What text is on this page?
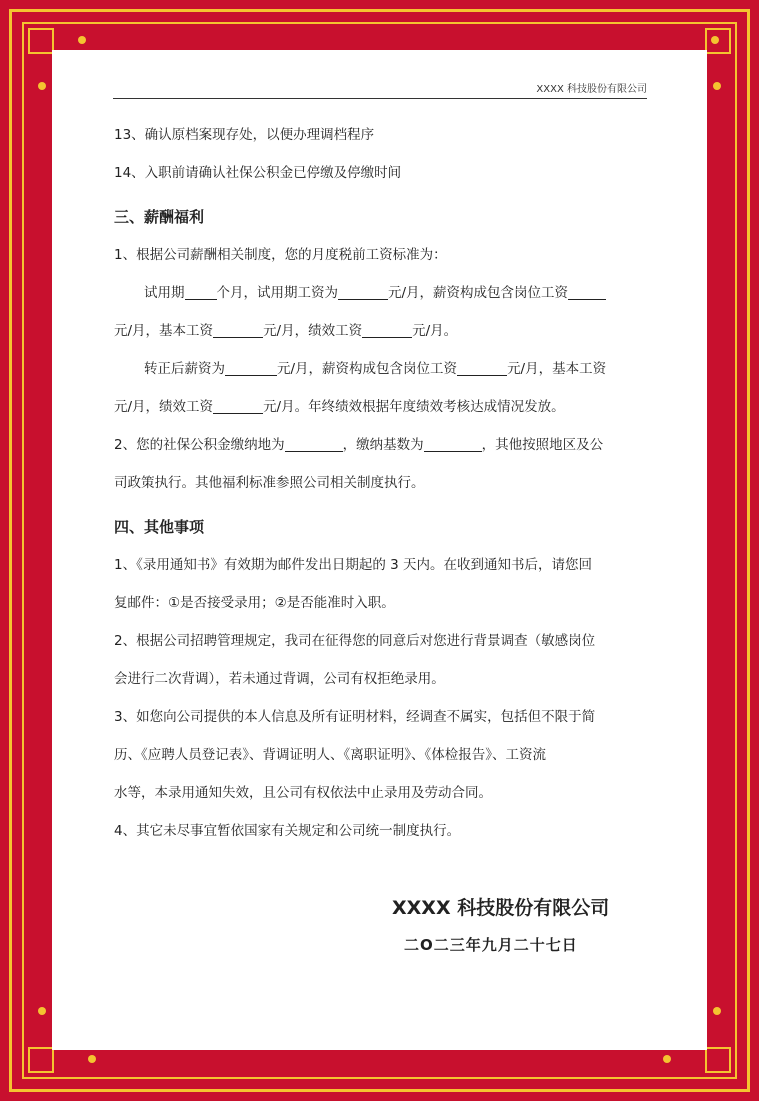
XXXX 科技股份有限公司

13、确认原档案现存处，以便办理调档程序

14、入职前请确认社保公积金已停缴及停缴时间

三、薪酬福利

1、根据公司薪酬相关制度，您的月度税前工资标准为：

试用期 个月，试用期工资为	元/月，薪资构成包含岗位工资

元/月，基本工资	元/月，绩效工资	元/月。

转正后薪资为	元/月，薪资构成包含岗位工资	元/月，基本工资

元/月，绩效工资	元/月。年终绩效根据年度绩效考核达成情况发放。

2、您的社保公积金缴纳地为	，缴纳基数为	，其他按照地区及公

司政策执行。其他福利标准参照公司相关制度执行。

四、其他事项

1、《录用通知书》有效期为邮件发出日期起的 3 天内。在收到通知书后，请您回

复邮件：①是否接受录用；②是否能准时入职。

2、根据公司招聘管理规定，我司在征得您的同意后对您进行背景调查（敏感岗位

会进行二次背调），若未通过背调，公司有权拒绝录用。

3、如您向公司提供的本人信息及所有证明材料，经调查不属实，包括但不限于简

历、《应聘人员登记表》、背调证明人、《离职证明》、《体检报告》、工资流

水等，本录用通知失效，且公司有权依法中止录用及劳动合同。

4、其它未尽事宜暂依国家有关规定和公司统一制度执行。

XXXX 科技股份有限公司
二O二三年九月二十七日
